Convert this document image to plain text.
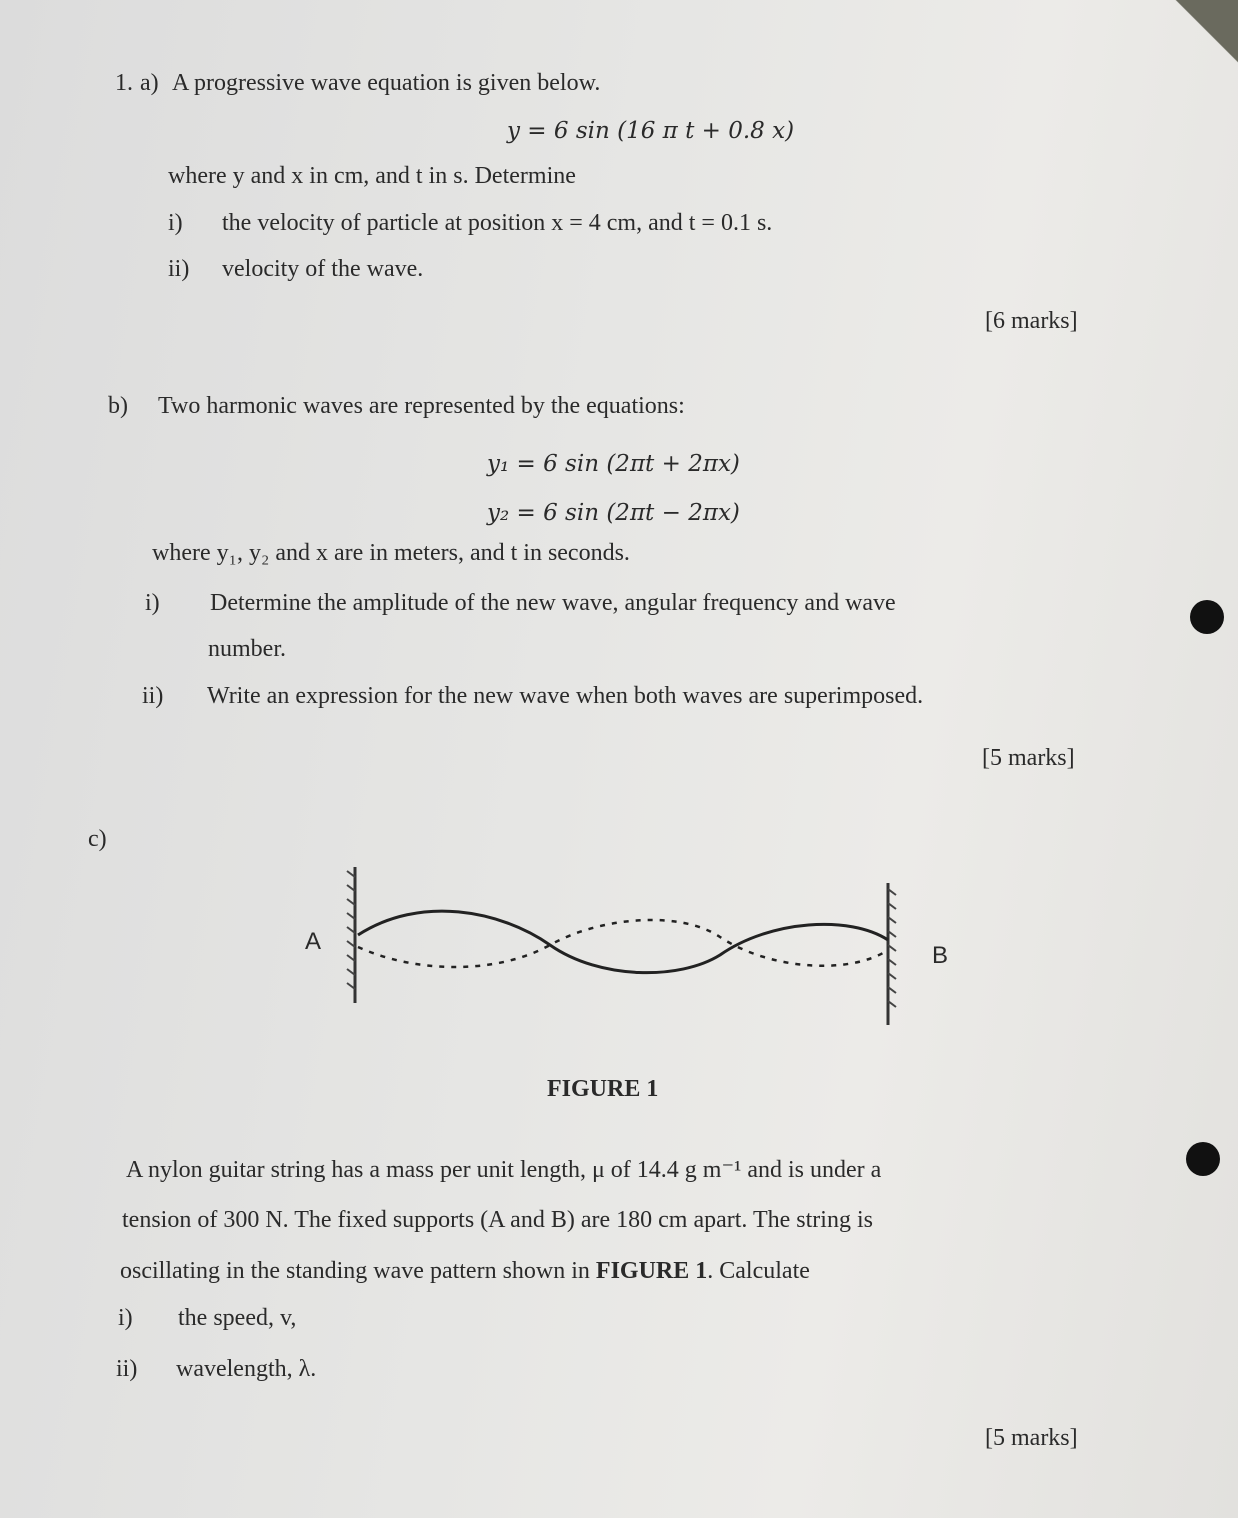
1. a) A progressive wave equation is given below.
y = 6 sin (16 π t + 0.8 x)
where y and x in cm, and t in s. Determine
i) the velocity of particle at position x = 4 cm, and t = 0.1 s.
ii) velocity of the wave.
[6 marks]
b) Two harmonic waves are represented by the equations:
y₁ = 6 sin (2πt + 2πx)
y₂ = 6 sin (2πt − 2πx)
where y₁, y₂ and x are in meters, and t in seconds.
i) Determine the amplitude of the new wave, angular frequency and wave
number.
ii) Write an expression for the new wave when both waves are superimposed.
[5 marks]
c)
A
B
FIGURE 1
A nylon guitar string has a mass per unit length, μ of 14.4 g m⁻¹ and is under a
tension of 300 N. The fixed supports (A and B) are 180 cm apart. The string is
oscillating in the standing wave pattern shown in FIGURE 1. Calculate
i) the speed, v,
ii) wavelength, λ.
[5 marks]
